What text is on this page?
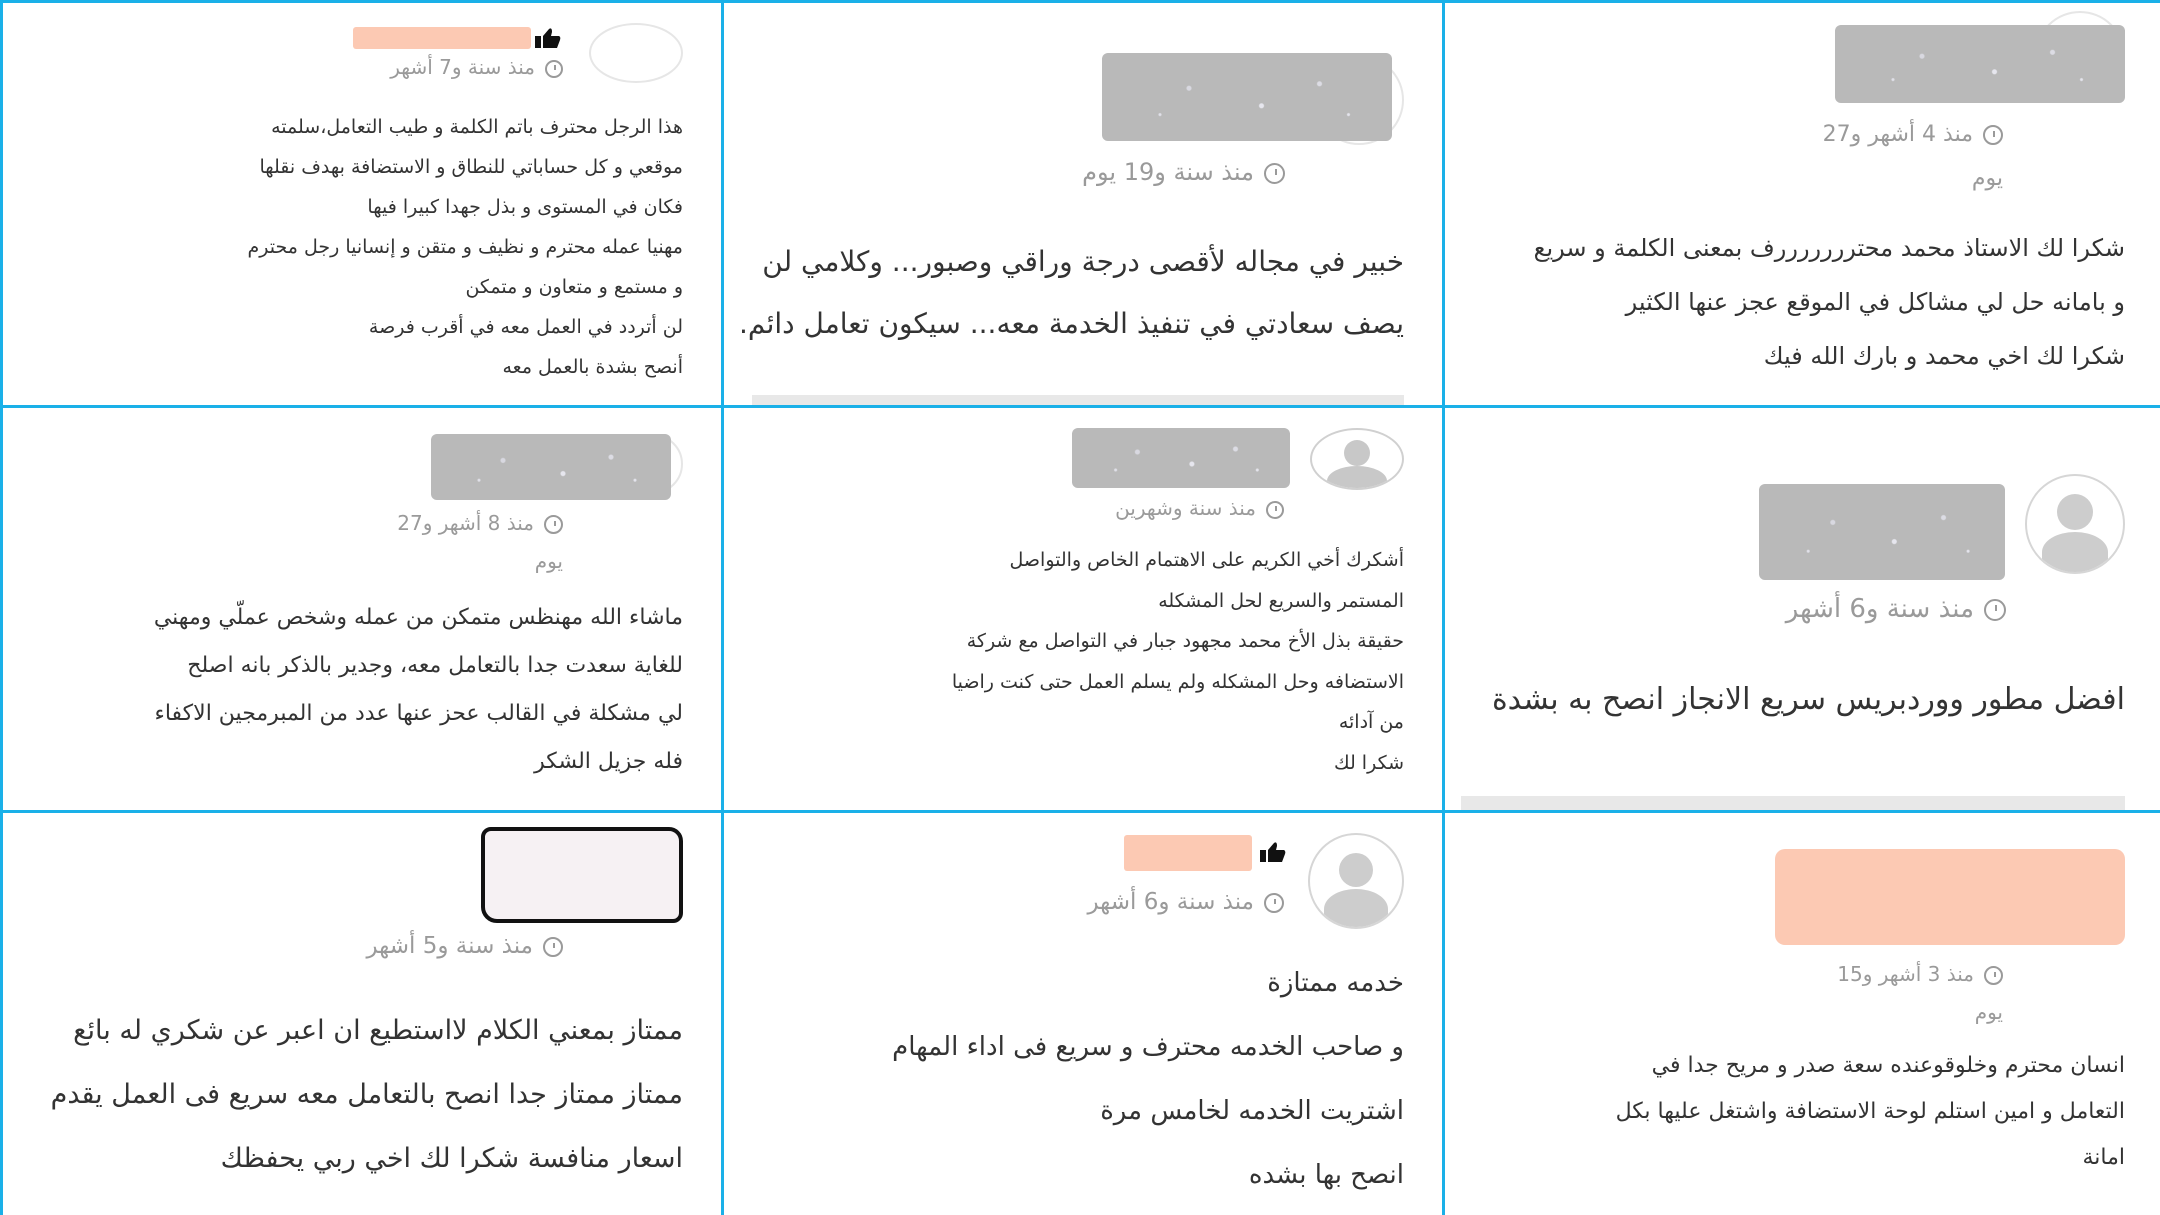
منذ سنة و7 أشهر

هذا الرجل محترف باتم الكلمة و طيب التعامل،سلمته

موقعي و كل حساباتي للنطاق و الاستضافة بهدف نقلها

فكان في المستوى و بذل جهدا كبيرا فيها

مهنيا عمله محترم و نظيف و متقن و إنسانيا رجل محترم

و مستمع و متعاون و متمكن

لن أتردد في العمل معه في أقرب فرصة

أنصح بشدة بالعمل معه

منذ سنة و19 يوم

خبير في مجاله لأقصى درجة وراقي وصبور... وكلامي لن

يصف سعادتي في تنفيذ الخدمة معه... سيكون تعامل دائم.

منذ 4 أشهر و27
يوم

شكرا لك الاستاذ محمد محترررررررف بمعنى الكلمة و سريع

و بامانه حل لي مشاكل في الموقع عجز عنها الكثير

شكرا لك اخي محمد و بارك الله فيك

منذ 8 أشهر و27
يوم

ماشاء الله مهنظس متمكن من عمله وشخص عملّي ومهني

للغاية سعدت جدا بالتعامل معه، وجدير بالذكر بانه اصلح

لي مشكلة في القالب عحز عنها عدد من المبرمجين الاكفاء

فله جزيل الشكر

منذ سنة وشهرين

أشكرك أخي الكريم على الاهتمام الخاص والتواصل

المستمر والسريع لحل المشكله

حقيقة بذل الأخ محمد مجهود جبار في التواصل مع شركة

الاستضافه وحل المشكله ولم يسلم العمل حتى كنت راضيا

من آدائه

شكرا لك

منذ سنة و6 أشهر

افضل مطور ووردبريس سريع الانجاز انصح به بشدة

منذ سنة و5 أشهر

ممتاز بمعني الكلام لااستطيع ان اعبر عن شكري له بائع

ممتاز ممتاز جدا انصح بالتعامل معه سريع فى العمل يقدم

اسعار منافسة شكرا لك اخي ربي يحفظك

منذ سنة و6 أشهر

خدمه ممتازة

و صاحب الخدمه محترف و سريع فى اداء المهام

اشتريت الخدمه لخامس مرة

انصح بها بشده

منذ 3 أشهر و15
يوم

انسان محترم وخلوقوعنده سعة صدر و مريح جدا في

التعامل و امين استلم لوحة الاستضافة واشتغل عليها بكل

امانة
